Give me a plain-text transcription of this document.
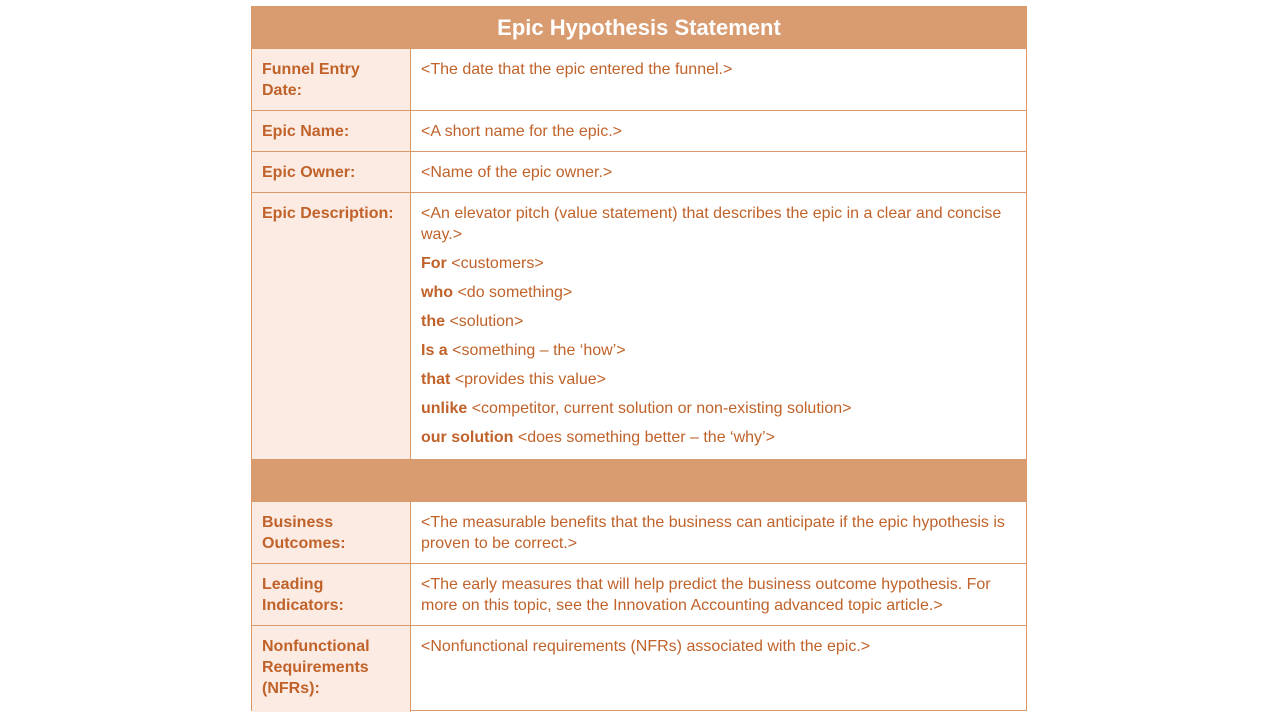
Epic Hypothesis Statement
Funnel Entry Date:
<The date that the epic entered the funnel.>
Epic Name:	<A short name for the epic.>
Epic Owner:	<Name of the epic owner.>
Epic Description:	<An elevator pitch (value statement) that describes the epic in a clear and concise way.>
For <customers>
who <do something>
the <solution>
Is a <something – the ‘how’>
that <provides this value>
unlike <competitor, current solution or non-existing solution>
our solution <does something better – the ‘why’>
Business Outcomes:
<The measurable benefits that the business can anticipate if the epic hypothesis is proven to be correct.>
Leading Indicators:
<The early measures that will help predict the business outcome hypothesis. For more on this topic, see the Innovation Accounting advanced topic article.>
Nonfunctional Requirements (NFRs):
<Nonfunctional requirements (NFRs) associated with the epic.>
